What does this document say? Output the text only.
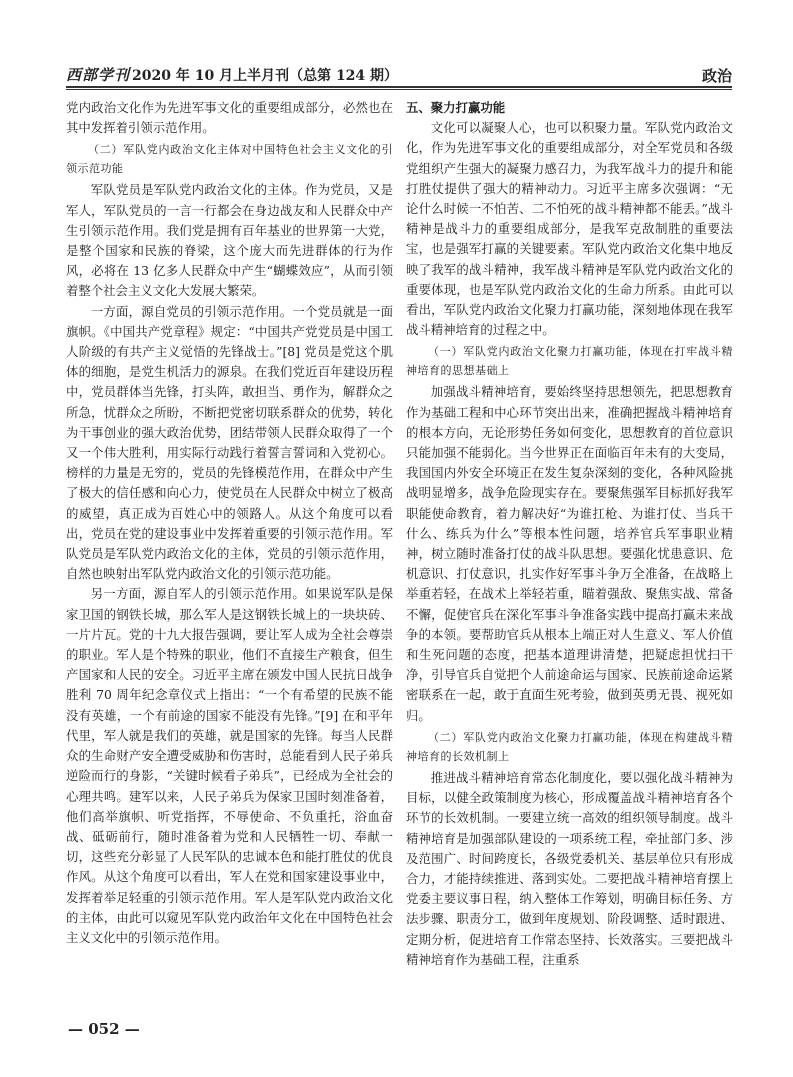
西部学刊 2020 年 10 月上半月刊（总第 124 期）	政治

党内政治文化作为先进军事文化的重要组成部分，必然也在其中发挥着引领示范作用。

（二）军队党内政治文化主体对中国特色社会主义文化的引领示范功能

军队党员是军队党内政治文化的主体。作为党员，又是军人，军队党员的一言一行都会在身边战友和人民群众中产生引领示范作用。我们党是拥有百年基业的世界第一大党，是整个国家和民族的脊梁，这个庞大而先进群体的行为作风，必将在 13 亿多人民群众中产生“蝴蝶效应”，从而引领着整个社会主义文化大发展大繁荣。

一方面，源自党员的引领示范作用。一个党员就是一面旗帜。《中国共产党章程》规定：“中国共产党党员是中国工人阶级的有共产主义觉悟的先锋战士。”[8] 党员是党这个肌体的细胞，是党生机活力的源泉。在我们党近百年建设历程中，党员群体当先锋，打头阵，敢担当、勇作为，解群众之所急，忧群众之所盼，不断把党密切联系群众的优势，转化为干事创业的强大政治优势，团结带领人民群众取得了一个又一个伟大胜利，用实际行动践行着誓言誓词和入党初心。榜样的力量是无穷的，党员的先锋模范作用，在群众中产生了极大的信任感和向心力，使党员在人民群众中树立了极高的威望，真正成为百姓心中的领路人。从这个角度可以看出，党员在党的建设事业中发挥着重要的引领示范作用。军队党员是军队党内政治文化的主体，党员的引领示范作用，自然也映射出军队党内政治文化的引领示范功能。

另一方面，源自军人的引领示范作用。如果说军队是保家卫国的钢铁长城，那么军人是这钢铁长城上的一块块砖、一片片瓦。党的十九大报告强调，要让军人成为全社会尊崇的职业。军人是个特殊的职业，他们不直接生产粮食，但生产国家和人民的安全。习近平主席在颁发中国人民抗日战争胜利 70 周年纪念章仪式上指出：“一个有希望的民族不能没有英雄，一个有前途的国家不能没有先锋。”[9] 在和平年代里，军人就是我们的英雄，就是国家的先锋。每当人民群众的生命财产安全遭受威胁和伤害时，总能看到人民子弟兵逆险而行的身影，“关键时候看子弟兵”，已经成为全社会的心理共鸣。建军以来，人民子弟兵为保家卫国时刻准备着，他们高举旗帜、听党指挥，不辱使命、不负重托，浴血奋战、砥砺前行，随时准备着为党和人民牺牲一切、奉献一切，这些充分彰显了人民军队的忠诚本色和能打胜仗的优良作风。从这个角度可以看出，军人在党和国家建设事业中，发挥着举足轻重的引领示范作用。军人是军队党内政治文化的主体，由此可以窥见军队党内政治年文化在中国特色社会主义文化中的引领示范作用。

五、聚力打赢功能

文化可以凝聚人心，也可以积聚力量。军队党内政治文化，作为先进军事文化的重要组成部分，对全军党员和各级党组织产生强大的凝聚力感召力，为我军战斗力的提升和能打胜仗提供了强大的精神动力。习近平主席多次强调：“无论什么时候一不怕苦、二不怕死的战斗精神都不能丢。”战斗精神是战斗力的重要组成部分，是我军克敌制胜的重要法宝，也是强军打赢的关键要素。军队党内政治文化集中地反映了我军的战斗精神，我军战斗精神是军队党内政治文化的重要体现，也是军队党内政治文化的生命力所系。由此可以看出，军队党内政治文化聚力打赢功能，深刻地体现在我军战斗精神培育的过程之中。

（一）军队党内政治文化聚力打赢功能，体现在打牢战斗精神培育的思想基础上

加强战斗精神培育，要始终坚持思想领先，把思想教育作为基础工程和中心环节突出出来，准确把握战斗精神培育的根本方向，无论形势任务如何变化，思想教育的首位意识只能加强不能弱化。当今世界正在面临百年未有的大变局，我国国内外安全环境正在发生复杂深刻的变化，各种风险挑战明显增多，战争危险现实存在。要聚焦强军目标抓好我军职能使命教育，着力解决好“为谁扛枪、为谁打仗、当兵干什么、练兵为什么”等根本性问题，培养官兵军事职业精神，树立随时准备打仗的战斗队思想。要强化忧患意识、危机意识、打仗意识，扎实作好军事斗争万全准备，在战略上举重若轻，在战术上举轻若重，瞄着强敌、聚焦实战、常备不懈，促使官兵在深化军事斗争准备实践中提高打赢未来战争的本领。要帮助官兵从根本上端正对人生意义、军人价值和生死问题的态度，把基本道理讲清楚，把疑虑担忧扫干净，引导官兵自觉把个人前途命运与国家、民族前途命运紧密联系在一起，敢于直面生死考验，做到英勇无畏、视死如归。

（二）军队党内政治文化聚力打赢功能，体现在构建战斗精神培育的长效机制上

推进战斗精神培育常态化制度化，要以强化战斗精神为目标，以健全政策制度为核心，形成覆盖战斗精神培育各个环节的长效机制。一要建立统一高效的组织领导制度。战斗精神培育是加强部队建设的一项系统工程，牵扯部门多、涉及范围广、时间跨度长，各级党委机关、基层单位只有形成合力，才能持续推进、落到实处。二要把战斗精神培育摆上党委主要议事日程，纳入整体工作筹划，明确目标任务、方法步骤、职责分工，做到年度规划、阶段调整、适时跟进、定期分析，促进培育工作常态坚持、长效落实。三要把战斗精神培育作为基础工程，注重系

— 052 —
